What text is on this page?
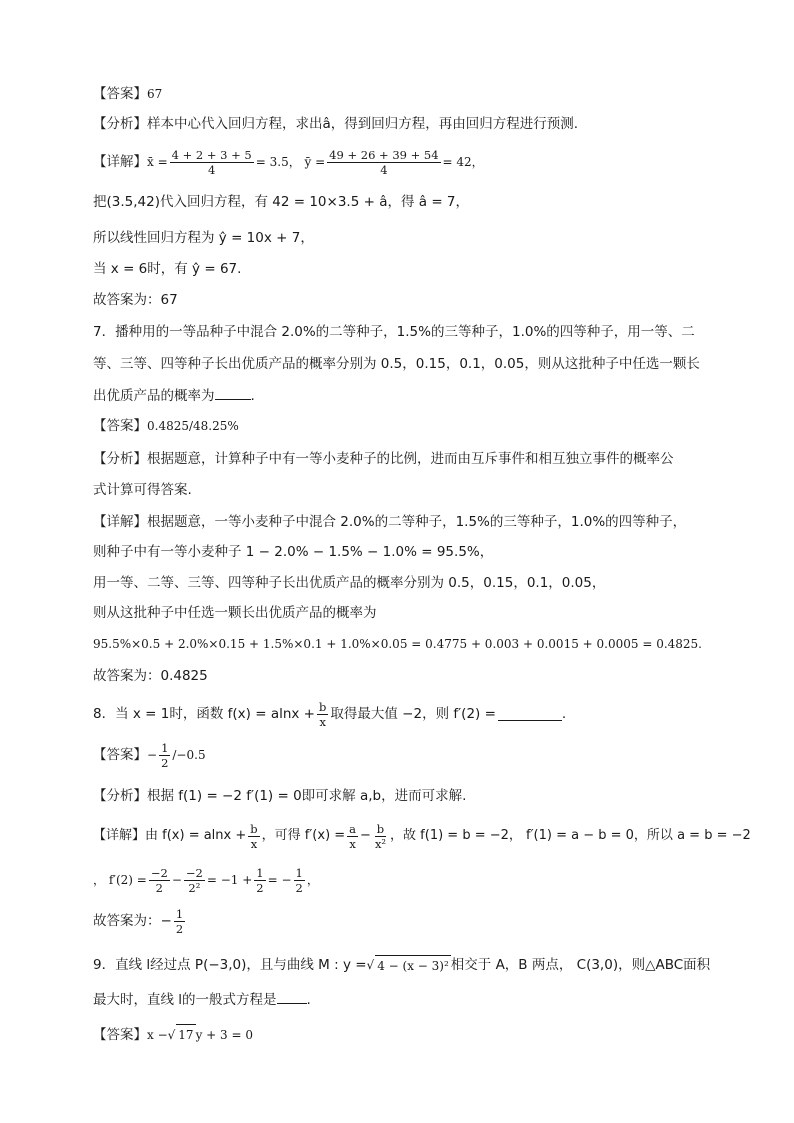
【答案】67
【分析】样本中心代入回归方程，求出â，得到回归方程，再由回归方程进行预测.
【详解】 x̄ = $\frac{4 + 2 + 3 + 5}{4} = 3.5$， ȳ = $\frac{49 + 26 + 39 + 54}{4} = 42$，
把(3.5,42)代入回归方程，有 42 = 10×3.5 + â，得 â = 7，
所以线性回归方程为 ŷ = 10x + 7，
当 x = 6时，有 ŷ = 67.
故答案为：67
7．播种用的一等品种子中混合 2.0%的二等种子，1.5%的三等种子，1.0%的四等种子，用一等、二
等、三等、四等种子长出优质产品的概率分别为 0.5，0.15，0.1，0.05，则从这批种子中任选一颗长
出优质产品的概率为	.
【答案】0.4825/48.25%
【分析】根据题意，计算种子中有一等小麦种子的比例，进而由互斥事件和相互独立事件的概率公
式计算可得答案.
【详解】根据题意，一等小麦种子中混合 2.0%的二等种子，1.5%的三等种子，1.0%的四等种子，
则种子中有一等小麦种子 1 − 2.0% − 1.5% − 1.0% = 95.5%，
用一等、二等、三等、四等种子长出优质产品的概率分别为 0.5，0.15，0.1，0.05，
则从这批种子中任选一颗长出优质产品的概率为
95.5%×0.5 + 2.0%×0.15 + 1.5%×0.1 + 1.0%×0.05 = 0.4775 + 0.003 + 0.0015 + 0.0005 = 0.4825.
故答案为：0.4825
8．当 x = 1时，函数 $f(x) = alnx + \frac{b}{x}$ 取得最大值 −2，则 f′(2) =	.
【答案】 − $\frac{1}{2} /-0.5$
【分析】根据 f(1) = −2 f′(1) = 0即可求解 a,b，进而可求解.
【详解】 由 $f(x) = alnx + \frac{b}{x}$ ，可得 $f'(x) = \frac{a}{x} - \frac{b}{\text{x²}}$ ，故 f(1) = b = −2， f′(1) = a − b = 0，所以 a = b = −2
， $f'(2) = \frac{-2}{2} - \frac{-2}{\text{2²}} = -1 + \frac{1}{2}$ = − $\frac{1}{2}$ ，
故答案为：− $\frac{1}{2}$
9．直线 l经过点 P(−3,0)，且与曲线 M : y = √ 4 − (x − 3)² 相交于 A，B 两点， C(3,0)，则△ABC面积
最大时，直线 l的一般式方程是 .
【答案】x −√ 17 y + 3 = 0
